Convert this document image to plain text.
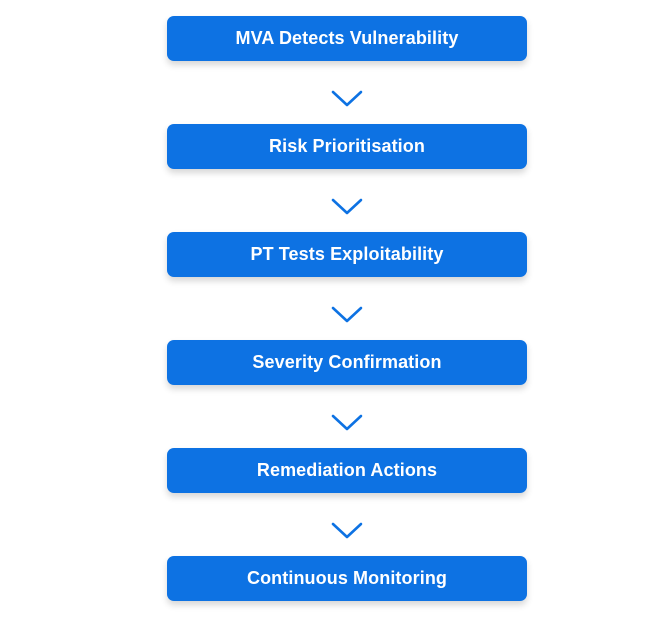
MVA Detects Vulnerability
Risk Prioritisation
PT Tests Exploitability
Severity Confirmation
Remediation Actions
Continuous Monitoring
